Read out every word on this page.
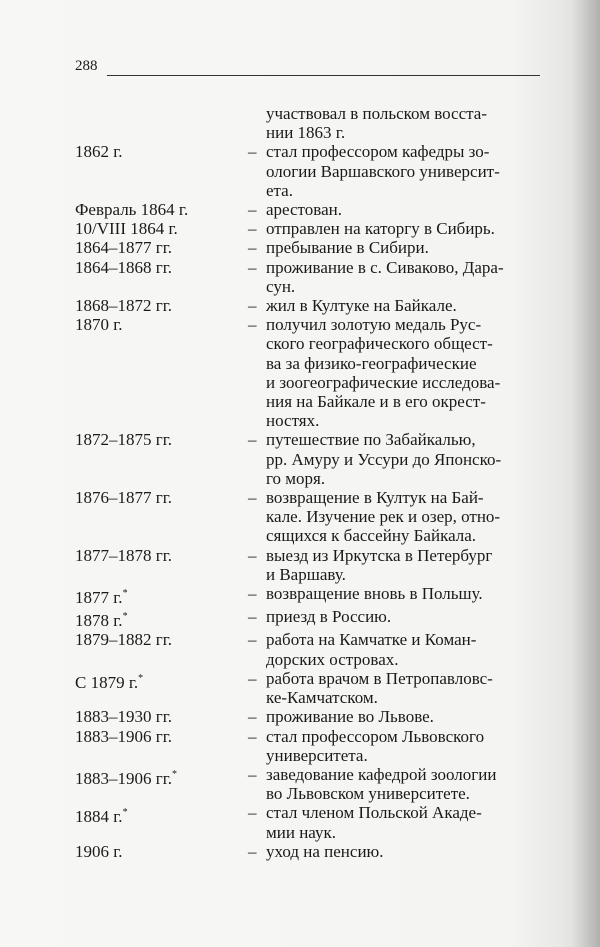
288
участвовал в польском восста-
нии 1863 г.
1862 г.	– стал профессором кафедры зо-
ологии Варшавского университ-
ета.
Февраль 1864 г.	– арестован.
10/VIII 1864 г.	– отправлен на каторгу в Сибирь.
1864–1877 гг.	– пребывание в Сибири.
1864–1868 гг.	– проживание в с. Сиваково, Дара-
сун.
1868–1872 гг.	– жил в Култуке на Байкале.
1870 г.	– получил золотую медаль Рус-
ского географического общест-
ва за физико-географические
и зоогеографические исследова-
ния на Байкале и в его окрест-
ностях.
1872–1875 гг.	– путешествие по Забайкалью,
рр. Амуру и Уссури до Японско-
го моря.
1876–1877 гг.	– возвращение в Култук на Бай-
кале. Изучение рек и озер, отно-
сящихся к бассейну Байкала.
1877–1878 гг.	– выезд из Иркутска в Петербург
и Варшаву.
1877 г.*	– возвращение вновь в Польшу.
1878 г.*	– приезд в Россию.
1879–1882 гг.	– работа на Камчатке и Коман-
дорских островах.
С 1879 г.*	– работа врачом в Петропавловс-
ке-Камчатском.
1883–1930 гг.	– проживание во Львове.
1883–1906 гг.	– стал профессором Львовского
университета.
1883–1906 гг.*	– заведование кафедрой зоологии
во Львовском университете.
1884 г.*	– стал членом Польской Акаде-
мии наук.
1906 г.	– уход на пенсию.
